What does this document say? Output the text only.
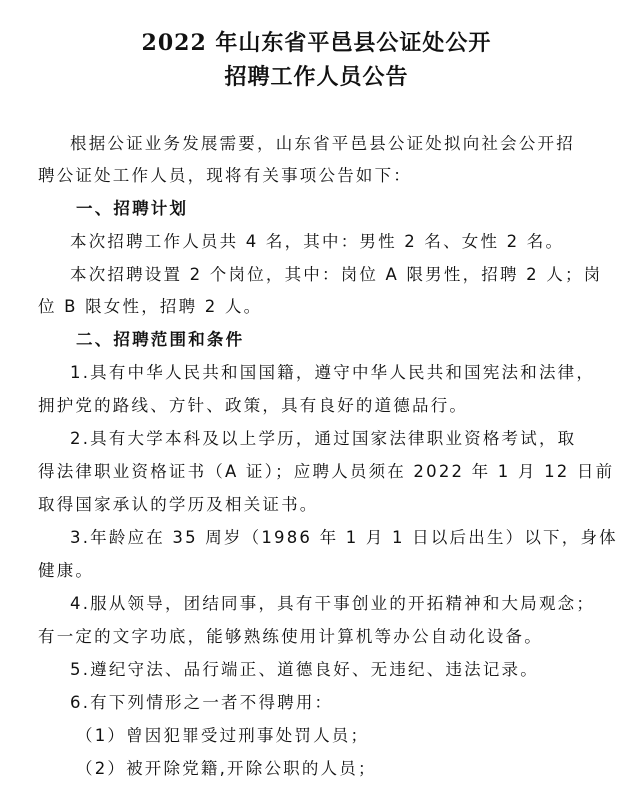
2022 年山东省平邑县公证处公开
招聘工作人员公告
根据公证业务发展需要，山东省平邑县公证处拟向社会公开招
聘公证处工作人员，现将有关事项公告如下：
一、招聘计划
本次招聘工作人员共 4 名，其中：男性 2 名、女性 2 名。
本次招聘设置 2 个岗位，其中：岗位 A 限男性，招聘 2 人；岗
位 B 限女性，招聘 2 人。
二、招聘范围和条件
1.具有中华人民共和国国籍，遵守中华人民共和国宪法和法律，
拥护党的路线、方针、政策，具有良好的道德品行。
2.具有大学本科及以上学历，通过国家法律职业资格考试，取
得法律职业资格证书（A 证）；应聘人员须在 2022 年 1 月 12 日前
取得国家承认的学历及相关证书。
3.年龄应在 35 周岁（1986 年 1 月 1 日以后出生）以下，身体
健康。
4.服从领导，团结同事，具有干事创业的开拓精神和大局观念；
有一定的文字功底，能够熟练使用计算机等办公自动化设备。
5.遵纪守法、品行端正、道德良好、无违纪、违法记录。
6.有下列情形之一者不得聘用：
（1）曾因犯罪受过刑事处罚人员；
（2）被开除党籍,开除公职的人员；
